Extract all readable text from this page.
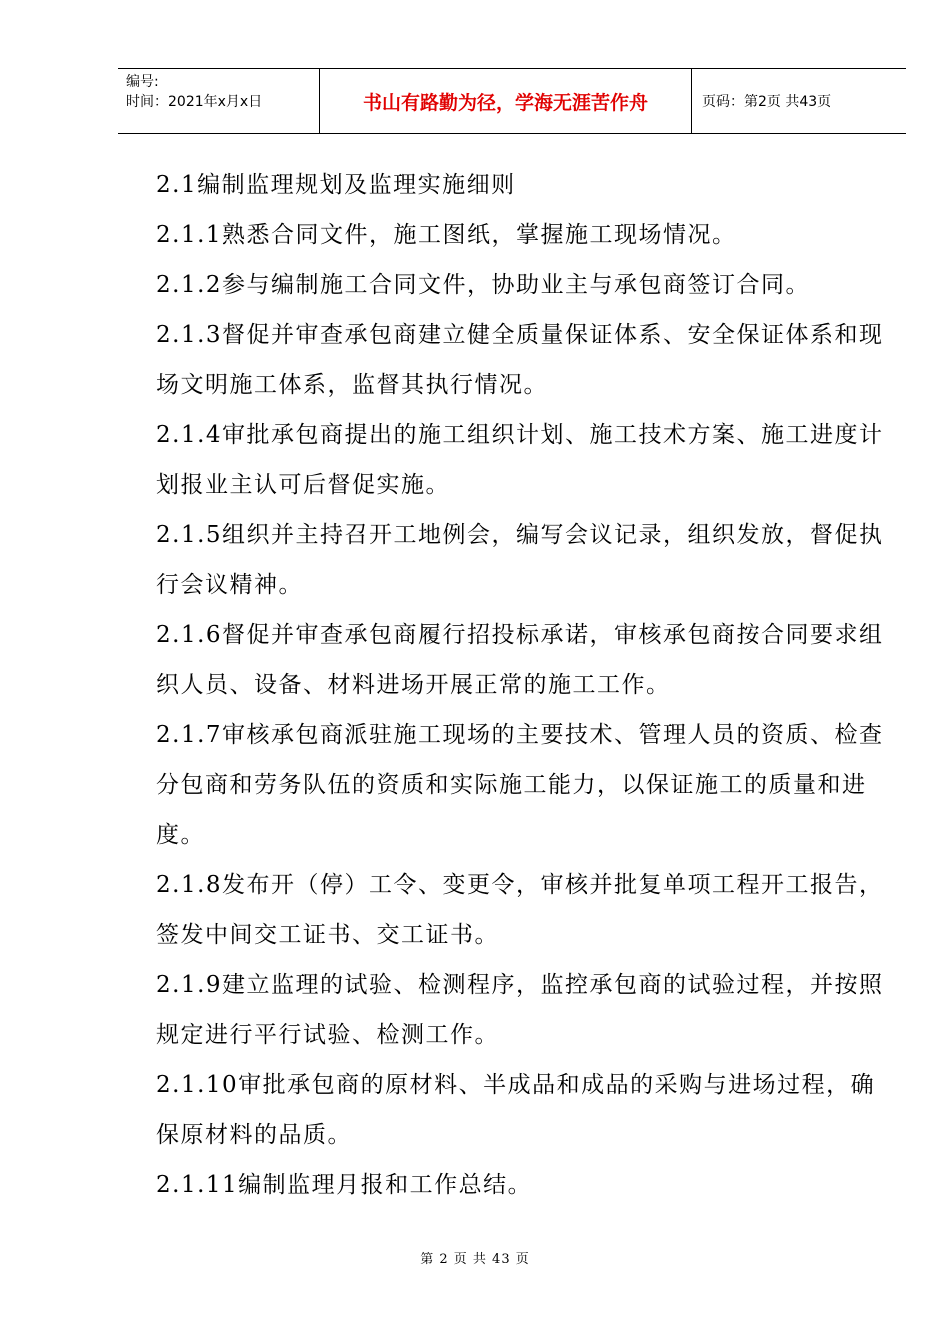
编号:
时间：2021年x月x日	书山有路勤为径，学海无涯苦作舟	页码：第2页 共43页

2.1编制监理规划及监理实施细则

2.1.1熟悉合同文件，施工图纸，掌握施工现场情况。

2.1.2参与编制施工合同文件，协助业主与承包商签订合同。

2.1.3督促并审查承包商建立健全质量保证体系、安全保证体系和现场文明施工体系，监督其执行情况。

2.1.4审批承包商提出的施工组织计划、施工技术方案、施工进度计划报业主认可后督促实施。

2.1.5组织并主持召开工地例会，编写会议记录，组织发放，督促执行会议精神。

2.1.6督促并审查承包商履行招投标承诺，审核承包商按合同要求组织人员、设备、材料进场开展正常的施工工作。

2.1.7审核承包商派驻施工现场的主要技术、管理人员的资质、检查分包商和劳务队伍的资质和实际施工能力，以保证施工的质量和进度。

2.1.8发布开（停）工令、变更令，审核并批复单项工程开工报告，签发中间交工证书、交工证书。

2.1.9建立监理的试验、检测程序，监控承包商的试验过程，并按照规定进行平行试验、检测工作。

2.1.10审批承包商的原材料、半成品和成品的采购与进场过程，确保原材料的品质。

2.1.11编制监理月报和工作总结。

第 2 页 共 43 页
